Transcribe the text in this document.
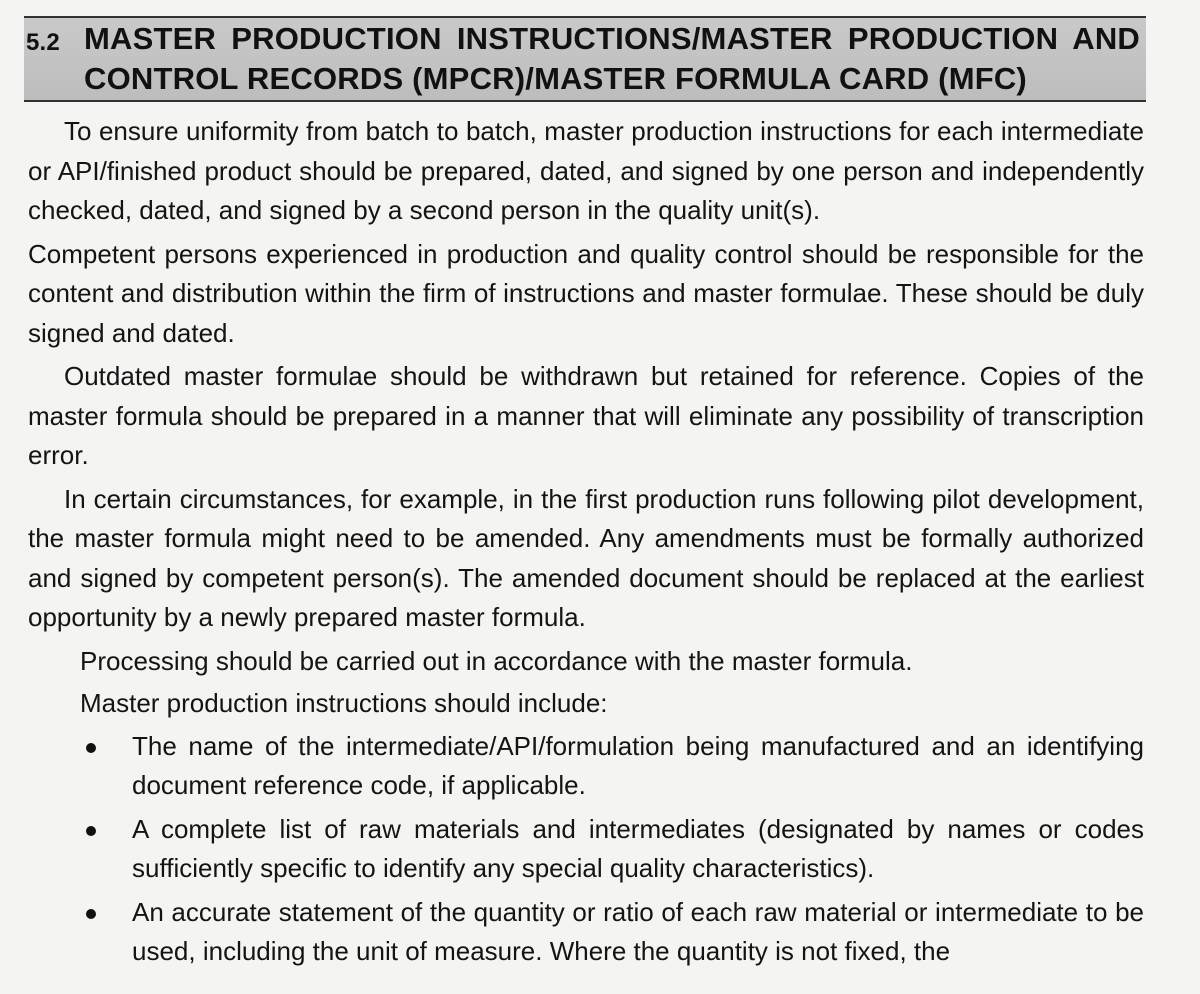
5.2 MASTER PRODUCTION INSTRUCTIONS/MASTER PRODUCTION AND
CONTROL RECORDS (MPCR)/MASTER FORMULA CARD (MFC)

To ensure uniformity from batch to batch, master production instructions for each intermediate or API/finished product should be prepared, dated, and signed by one person and independently checked, dated, and signed by a second person in the quality unit(s).

Competent persons experienced in production and quality control should be responsible for the content and distribution within the firm of instructions and master formulae. These should be duly signed and dated.

Outdated master formulae should be withdrawn but retained for reference. Copies of the master formula should be prepared in a manner that will eliminate any possibility of transcription error.

In certain circumstances, for example, in the first production runs following pilot development, the master formula might need to be amended. Any amendments must be formally authorized and signed by competent person(s). The amended document should be replaced at the earliest opportunity by a newly prepared master formula.

Processing should be carried out in accordance with the master formula.

Master production instructions should include:

The name of the intermediate/API/formulation being manufactured and an identifying document reference code, if applicable.
A complete list of raw materials and intermediates (designated by names or codes sufficiently specific to identify any special quality characteristics).
An accurate statement of the quantity or ratio of each raw material or intermediate to be used, including the unit of measure. Where the quantity is not fixed, the
